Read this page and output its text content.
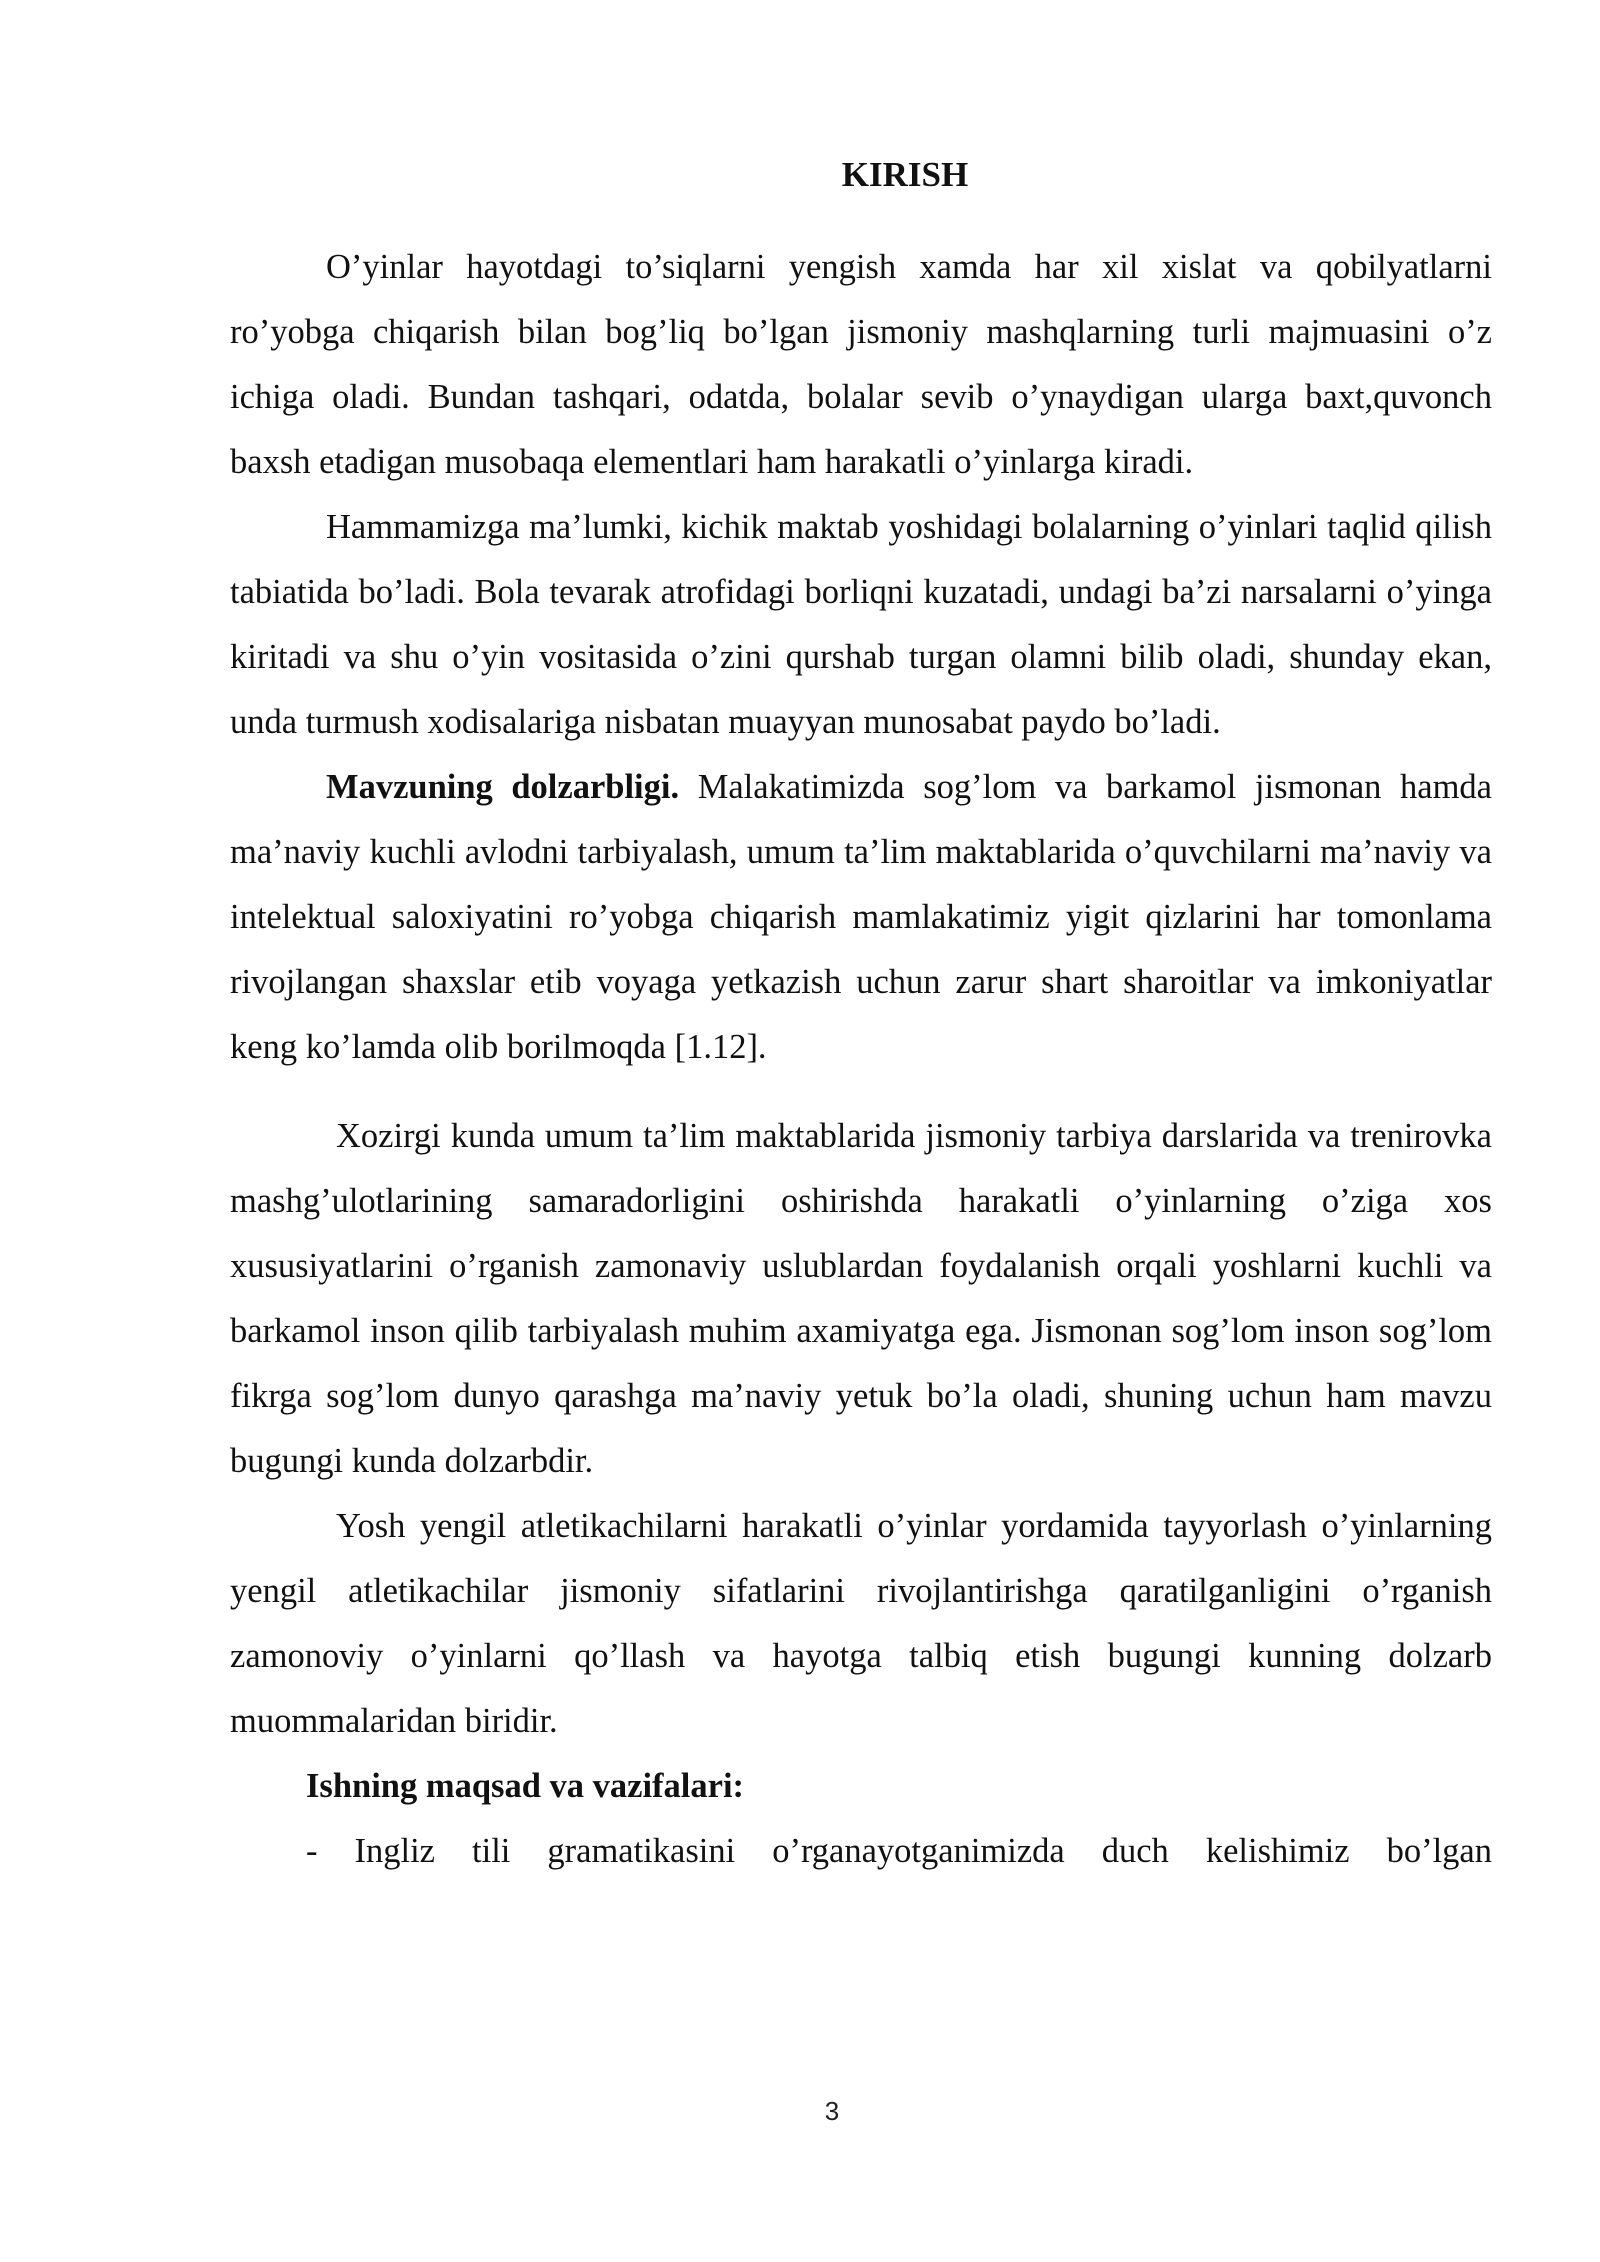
KIRISH

O’yinlar hayotdagi to’siqlarni yengish xamda har xil xislat va qobilyatlarni ro’yobga chiqarish bilan bog’liq bo’lgan jismoniy mashqlarning turli majmuasini o’z ichiga oladi. Bundan tashqari, odatda, bolalar sevib o’ynaydigan ularga baxt,quvonch baxsh etadigan musobaqa elementlari ham harakatli o’yinlarga kiradi.

Hammamizga ma’lumki, kichik maktab yoshidagi bolalarning o’yinlari taqlid qilish tabiatida bo’ladi. Bola tevarak atrofidagi borliqni kuzatadi, undagi ba’zi narsalarni o’yinga kiritadi va shu o’yin vositasida o’zini qurshab turgan olamni bilib oladi, shunday ekan, unda turmush xodisalariga nisbatan muayyan munosabat paydo bo’ladi.

Mavzuning dolzarbligi. Malakatimizda sog’lom va barkamol jismonan hamda ma’naviy kuchli avlodni tarbiyalash, umum ta’lim maktablarida o’quvchilarni ma’naviy va intelektual saloxiyatini ro’yobga chiqarish mamlakatimiz yigit qizlarini har tomonlama rivojlangan shaxslar etib voyaga yetkazish uchun zarur shart sharoitlar va imkoniyatlar keng ko’lamda olib borilmoqda [1.12].

Xozirgi kunda umum ta’lim maktablarida jismoniy tarbiya darslarida va trenirovka mashg’ulotlarining samaradorligini oshirishda harakatli o’yinlarning o’ziga xos xususiyatlarini o’rganish zamonaviy uslublardan foydalanish orqali yoshlarni kuchli va barkamol inson qilib tarbiyalash muhim axamiyatga ega. Jismonan sog’lom inson sog’lom fikrga sog’lom dunyo qarashga ma’naviy yetuk bo’la oladi, shuning uchun ham mavzu bugungi kunda dolzarbdir.

Yosh yengil atletikachilarni harakatli o’yinlar yordamida tayyorlash o’yinlarning yengil atletikachilar jismoniy sifatlarini rivojlantirishga qaratilganligini o’rganish zamonoviy o’yinlarni qo’llash va hayotga talbiq etish bugungi kunning dolzarb muommalaridan biridir.

Ishning maqsad va vazifalari:

- Ingliz tili gramatikasini o’rganayotganimizda duch kelishimiz bo’lgan

3
